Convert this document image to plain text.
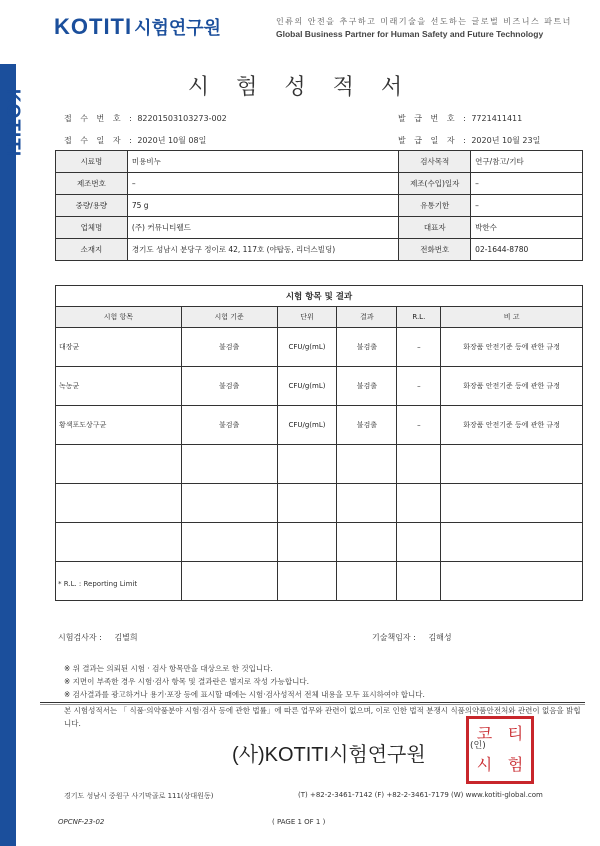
KOTITI
KOTITI 시험연구원	인류의 안전을 추구하고 미래기술을 선도하는 글로벌 비즈니스 파트너
Global Business Partner for Human Safety and Future Technology
시 험 성 적 서
접 수 번 호 : 82201503103273-002	발 급 번 호 : 7721411411
접 수 일 자 : 2020년 10월 08일	발 급 일 자 : 2020년 10월 23일
시료명	미용비누	검사목적	연구/참고/기타
제조번호	–	제조(수입)일자	–
중량/용량	75 g	유통기한	–
업체명	(주) 커뮤니티웰드	대표자	박한수
소재지	경기도 성남시 분당구 정이로 42, 117호 (야탑동, 리더스빌딩)	전화번호	02-1644-8780
시험 항목 및 결과					
시험 항목	시험 기준	단위	결과	R.L.	비 고
대장균	불검출	CFU/g(mL)	불검출	–	화장품 안전기준 등에 관한 규정
녹농균	불검출	CFU/g(mL)	불검출	–	화장품 안전기준 등에 관한 규정
황색포도상구균	불검출	CFU/g(mL)	불검출	–	화장품 안전기준 등에 관한 규정

* R.L. : Reporting Limit
시험검사자 : 김별희	기술책임자 : 김해성
※ 위 결과는 의뢰된 시험 · 검사 항목만을 대상으로 한 것입니다.
※ 지면이 부족한 경우 시험·검사 항목 및 결과란은 별지로 작성 가능합니다.
※ 검사결과를 광고하거나 용기·포장 등에 표시할 때에는 시험·검사성적서 전체 내용을 모두 표시하여야 합니다.
본 시험성적서는 「 식품·의약품분야 시험·검사 등에 관한 법률」에 따른 업무와 관련이 없으며, 이로 인한 법적 분쟁시 식품의약품안전처와 관련이 없음을 밝힙니다.
(사)KOTITI시험연구원
코 티
시 험
(인)
경기도 성남시 중원구 사기막골로 111(상대원동)	(T) +82-2-3461-7142 (F) +82-2-3461-7179 (W) www.kotiti-global.com
OPCNF-23-02	( PAGE 1 OF 1 )
